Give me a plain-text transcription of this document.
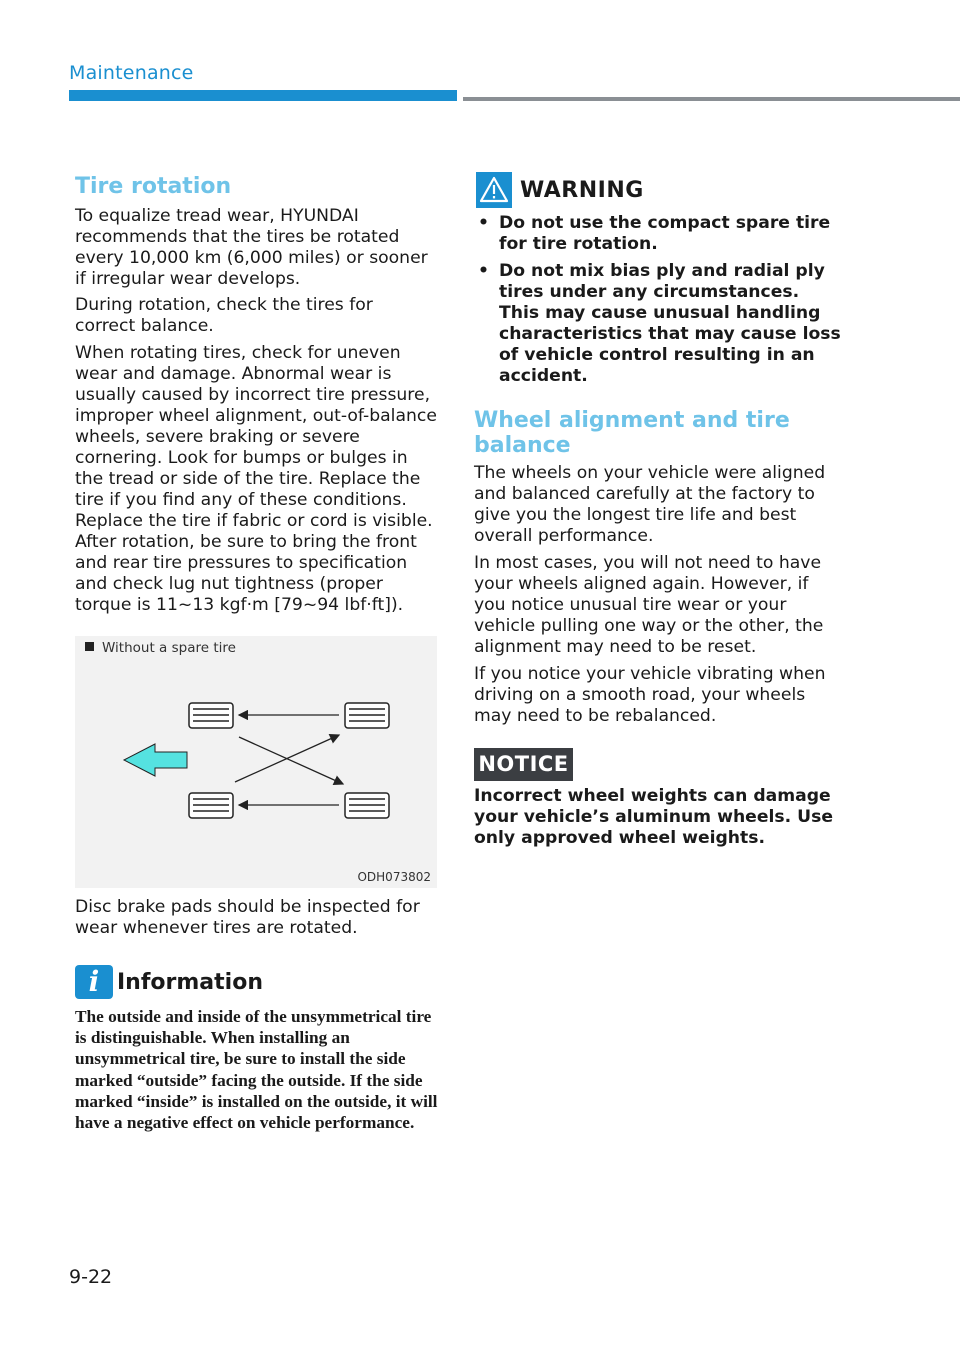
Maintenance
Tire rotation

To equalize tread wear, HYUNDAI recommends that the tires be rotated every 10,000 km (6,000 miles) or sooner if irregular wear develops.

During rotation, check the tires for correct balance.

When rotating tires, check for uneven wear and damage. Abnormal wear is usually caused by incorrect tire pressure, improper wheel alignment, out-of-balance wheels, severe braking or severe cornering. Look for bumps or bulges in the tread or side of the tire. Replace the tire if you find any of these conditions. Replace the tire if fabric or cord is visible. After rotation, be sure to bring the front and rear tire pressures to specification and check lug nut tightness (proper torque is 11~13 kgf·m [79~94 lbf·ft]).

Without a spare tire
ODH073802

Disc brake pads should be inspected for wear whenever tires are rotated.

i Information
The outside and inside of the unsymmetrical tire is distinguishable. When installing an unsymmetrical tire, be sure to install the side marked “outside” facing the outside. If the side marked “inside” is installed on the outside, it will have a negative effect on vehicle performance.
WARNING
• Do not use the compact spare tire for tire rotation.
• Do not mix bias ply and radial ply tires under any circumstances. This may cause unusual handling characteristics that may cause loss of vehicle control resulting in an accident.
Wheel alignment and tire balance

The wheels on your vehicle were aligned and balanced carefully at the factory to give you the longest tire life and best overall performance.

In most cases, you will not need to have your wheels aligned again. However, if you notice unusual tire wear or your vehicle pulling one way or the other, the alignment may need to be reset.

If you notice your vehicle vibrating when driving on a smooth road, your wheels may need to be rebalanced.

NOTICE
Incorrect wheel weights can damage your vehicle’s aluminum wheels. Use only approved wheel weights.
9-22
